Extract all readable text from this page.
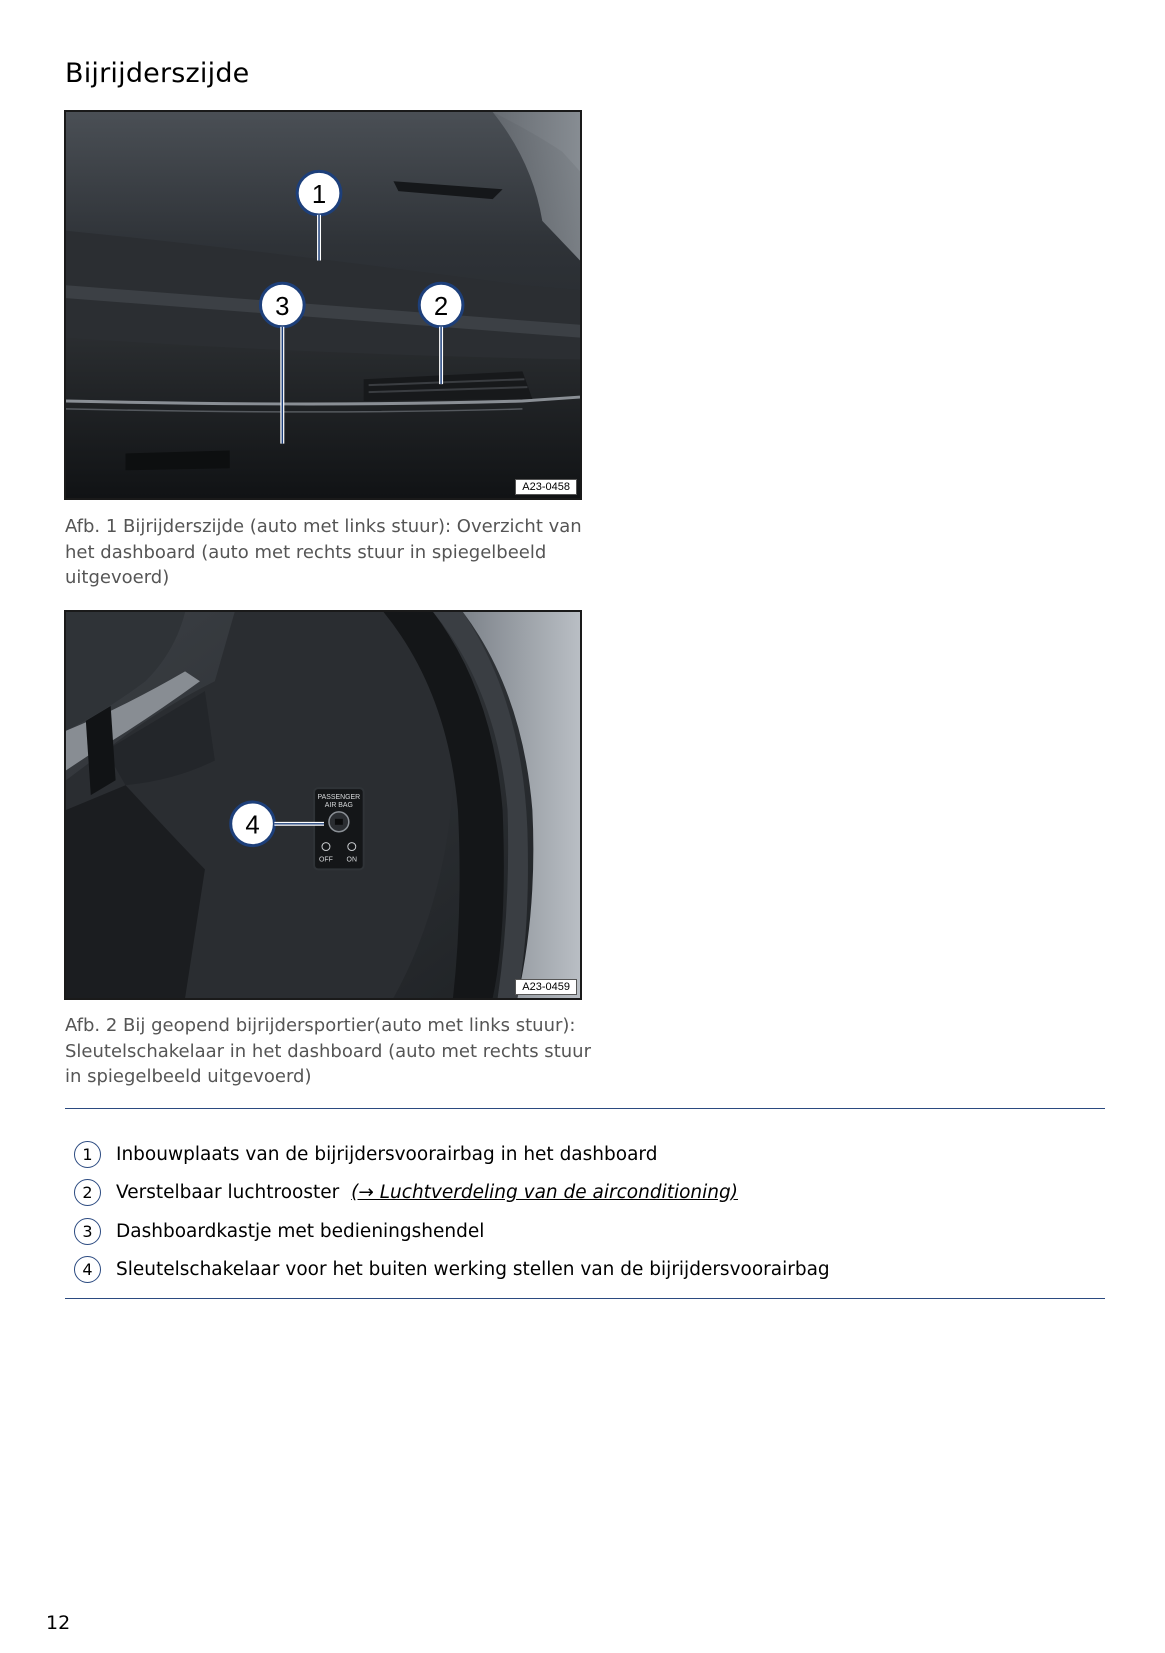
Bijrijderszijde
1
3	2
A23-0458
Afb. 1 Bijrijderszijde (auto met links stuur): Overzicht van het dashboard (auto met rechts stuur in spiegelbeeld uitgevoerd)
PASSENGER
AIR BAG
OFF ON
4
A23-0459
Afb. 2 Bij geopend bijrijdersportier(auto met links stuur): Sleutelschakelaar in het dashboard (auto met rechts stuur in spiegelbeeld uitgevoerd)
1	Inbouwplaats van de bijrijdersvoorairbag in het dashboard
2	Verstelbaar luchtrooster (→ Luchtverdeling van de airconditioning)
3	Dashboardkastje met bedieningshendel
4	Sleutelschakelaar voor het buiten werking stellen van de bijrijdersvoorairbag
12
